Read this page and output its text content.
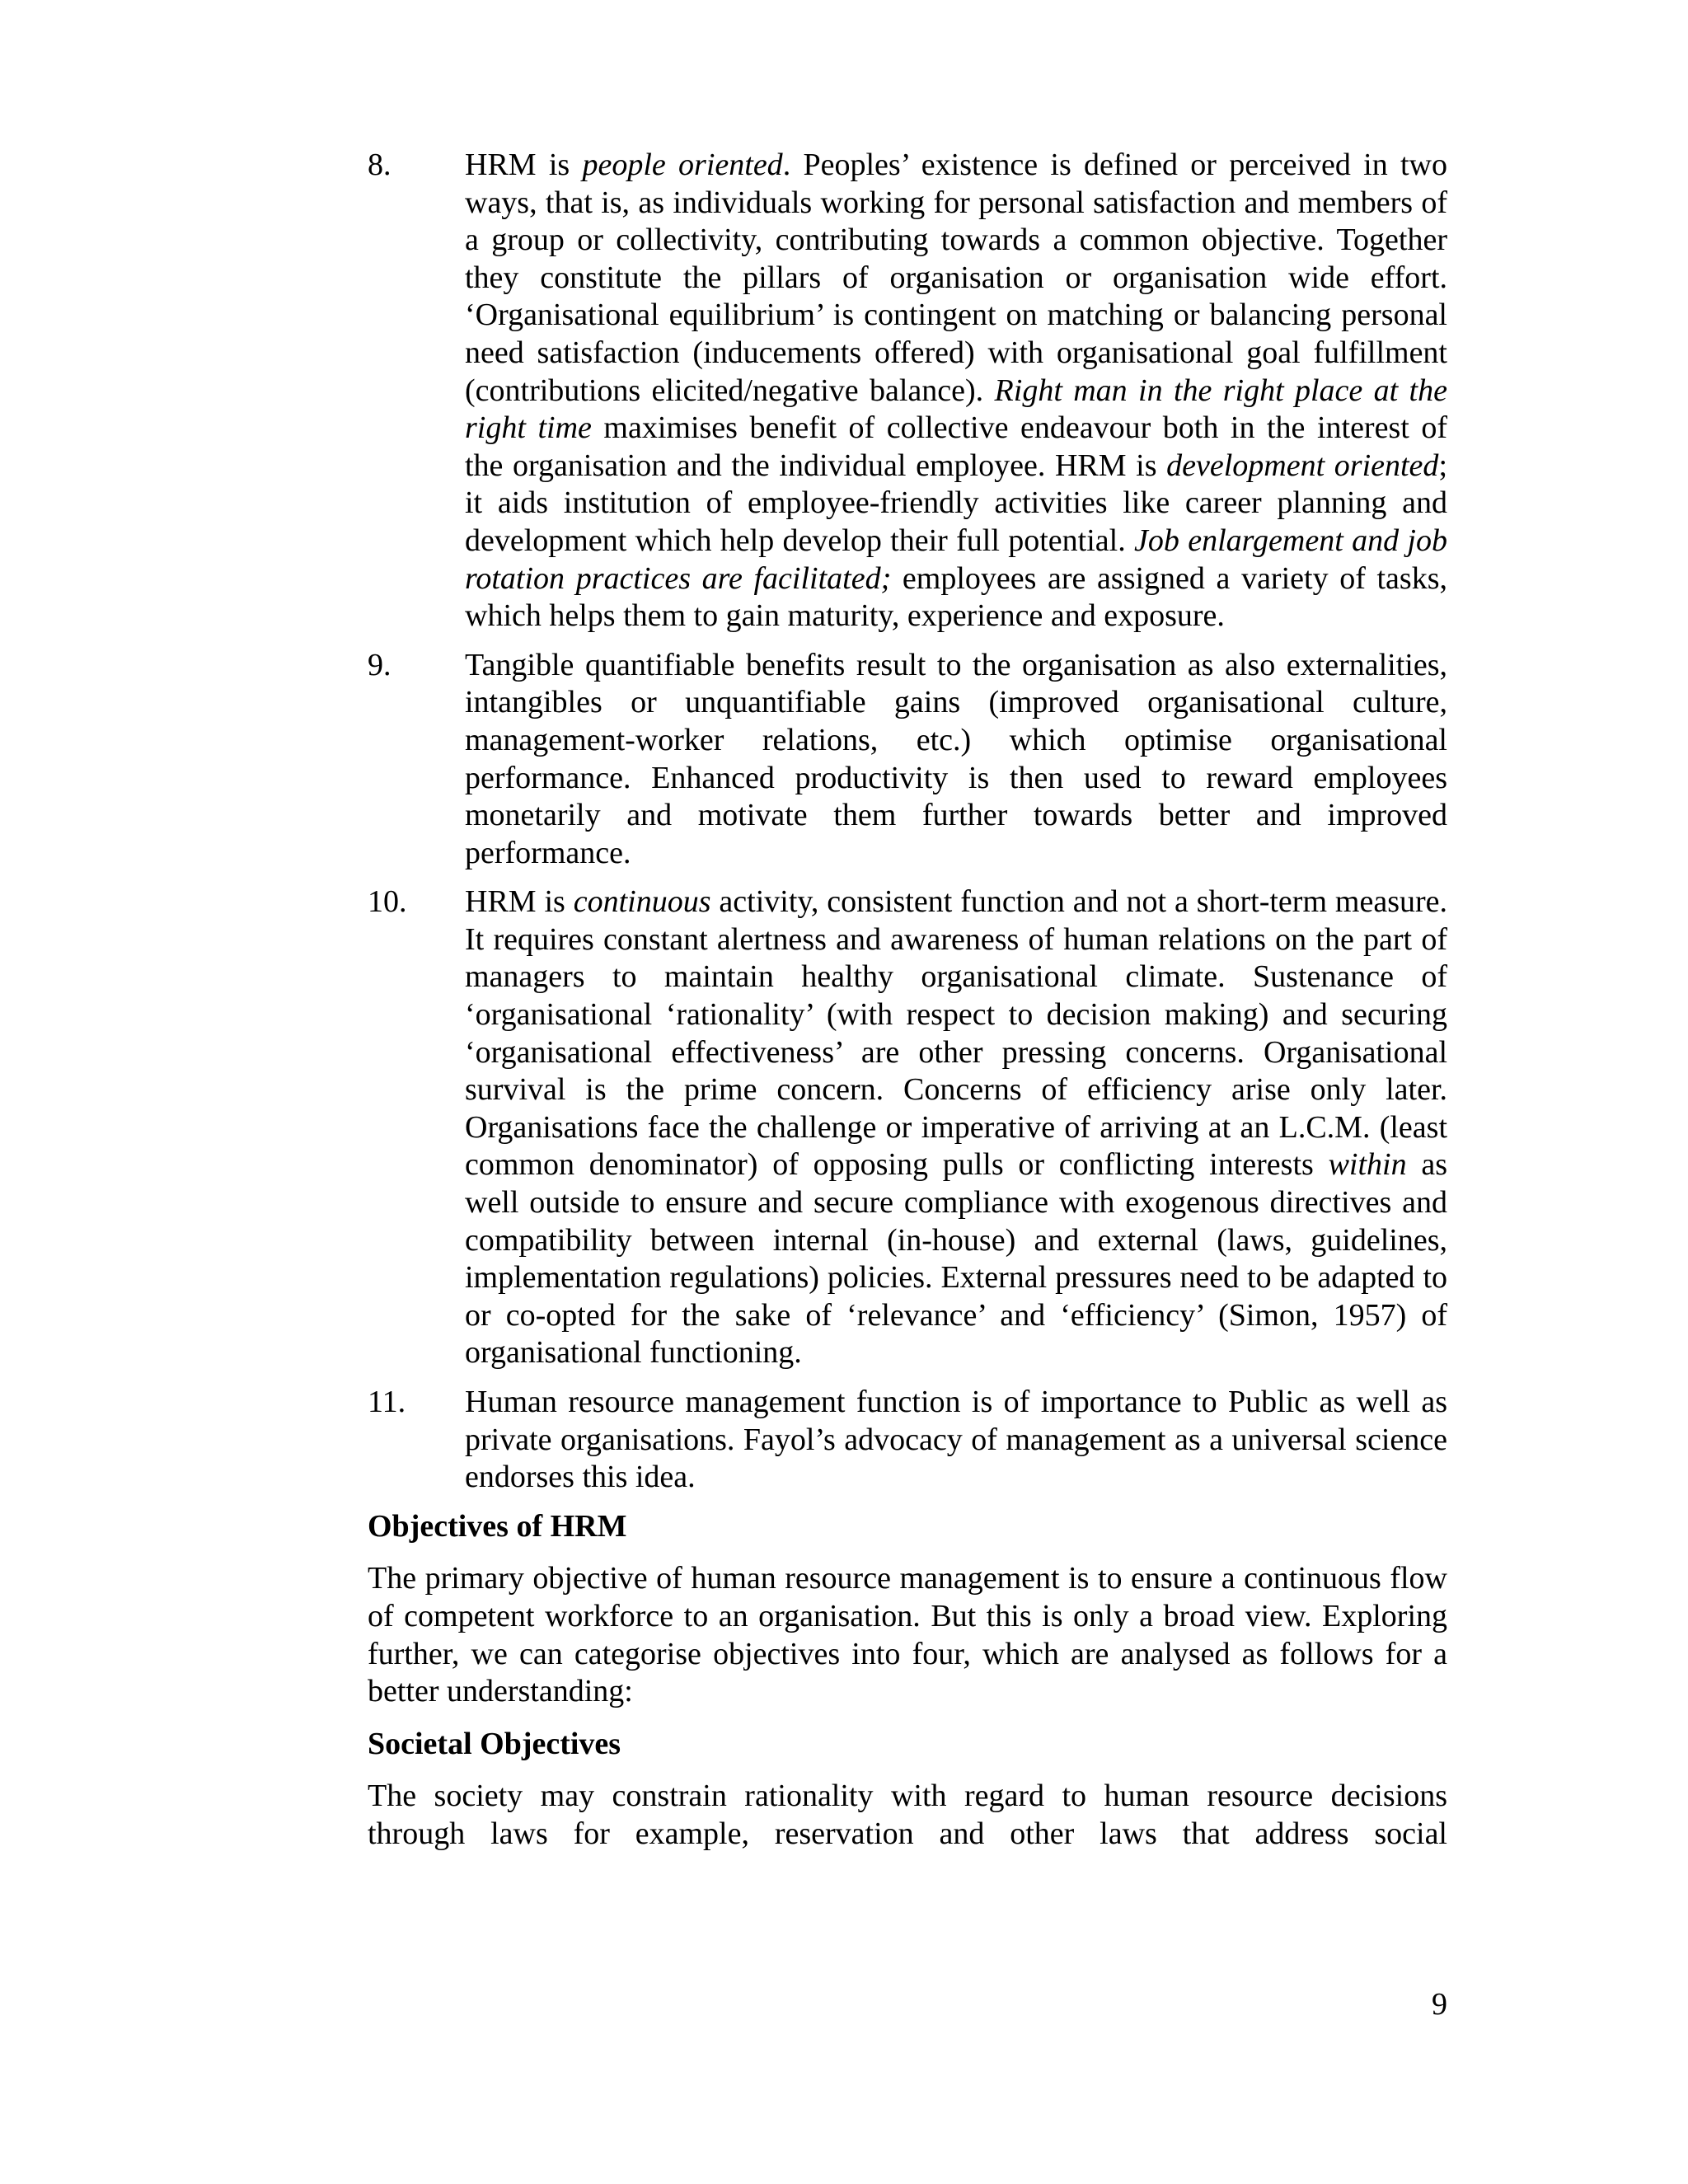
8.	HRM is people oriented. Peoples’ existence is defined or perceived in two ways, that is, as individuals working for personal satisfaction and members of a group or collectivity, contributing towards a common objective. Together they constitute the pillars of organisation or organisation wide effort. ‘Organisational equilibrium’ is contingent on matching or balancing personal need satisfaction (inducements offered) with organisational goal fulfillment (contributions elicited/negative balance). Right man in the right place at the right time maximises benefit of collective endeavour both in the interest of the organisation and the individual employee. HRM is development oriented; it aids institution of employee-friendly activities like career planning and development which help develop their full potential. Job enlargement and job rotation practices are facilitated; employees are assigned a variety of tasks, which helps them to gain maturity, experience and exposure.
9.	Tangible quantifiable benefits result to the organisation as also externalities, intangibles or unquantifiable gains (improved organisational culture, management-worker relations, etc.) which optimise organisational performance. Enhanced productivity is then used to reward employees monetarily and motivate them further towards better and improved performance.
10.	HRM is continuous activity, consistent function and not a short-term measure. It requires constant alertness and awareness of human relations on the part of managers to maintain healthy organisational climate. Sustenance of ‘organisational ‘rationality’ (with respect to decision making) and securing ‘organisational effectiveness’ are other pressing concerns. Organisational survival is the prime concern. Concerns of efficiency arise only later. Organisations face the challenge or imperative of arriving at an L.C.M. (least common denominator) of opposing pulls or conflicting interests within as well outside to ensure and secure compliance with exogenous directives and compatibility between internal (in-house) and external (laws, guidelines, implementation regulations) policies. External pressures need to be adapted to or co-opted for the sake of ‘relevance’ and ‘efficiency’ (Simon, 1957) of organisational functioning.
11.	Human resource management function is of importance to Public as well as private organisations. Fayol’s advocacy of management as a universal science endorses this idea.
Objectives of HRM
The primary objective of human resource management is to ensure a continuous flow of competent workforce to an organisation. But this is only a broad view. Exploring further, we can categorise objectives into four, which are analysed as follows for a better understanding:
Societal Objectives
The society may constrain rationality with regard to human resource decisions through laws for example, reservation and other laws that address social
9
